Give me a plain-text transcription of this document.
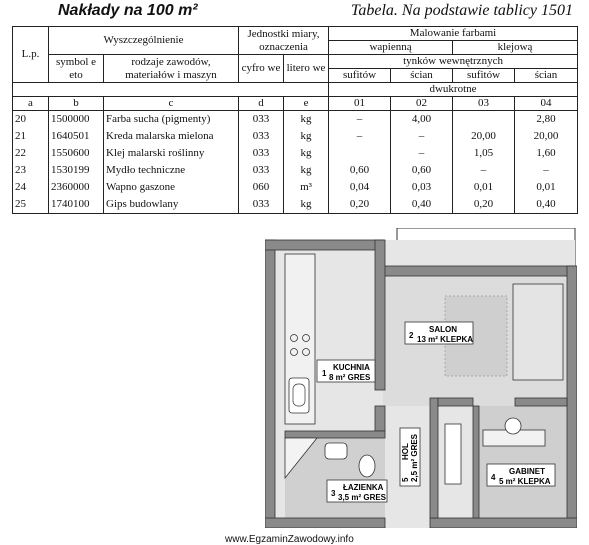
Nakłady na 100 m²	Tabela. Na podstawie tablicy 1501
L.p.	Wyszczególnienie		Jednostki miary, oznaczenia		Malowanie farbami			
					wapienną		klejową	
	symbol e eto	rodzaje zawodów, materiałów i maszyn	cyfro we	litero we	tynków wewnętrznych			
					sufitów	ścian	sufitów	ścian
					dwukrotne			
a	b	c	d	e	01	02	03	04
20	1500000	Farba sucha (pigmenty)	033	kg	–	4,00		2,80
21	1640501	Kreda malarska mielona	033	kg	–	–	20,00	20,00
22	1550600	Klej malarski roślinny	033	kg		–	1,05	1,60
23	1530199	Mydło techniczne	033	kg	0,60	0,60	–	–
24	2360000	Wapno gaszone	060	m³	0,04	0,03	0,01	0,01
25	1740100	Gips budowlany	033	kg	0,20	0,40	0,20	0,40
1
KUCHNIA
8 m² GRES
2
SALON
13 m² KLEPKA
3
ŁAZIENKA
3,5 m² GRES
4
GABINET
5 m² KLEPKA
5
HOL 2,5 m² GRES
www.EgzaminZawodowy.info
